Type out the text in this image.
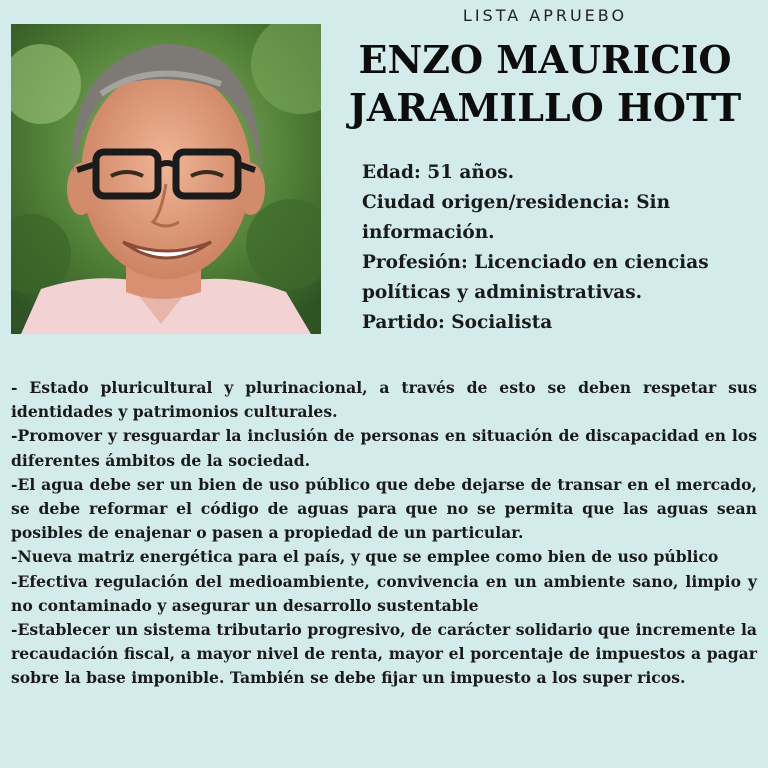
LISTA APRUEBO
ENZO MAURICIO
JARAMILLO HOTT
Edad: 51 años.
Ciudad origen/residencia: Sin información.
Profesión: Licenciado en ciencias políticas y administrativas.
Partido: Socialista

- Estado pluricultural y plurinacional, a través de esto se deben respetar sus identidades y patrimonios culturales.

-Promover y resguardar la inclusión de personas en situación de discapacidad en los diferentes ámbitos de la sociedad.

-El agua debe ser un bien de uso público que debe dejarse de transar en el mercado, se debe reformar el código de aguas para que no se permita que las aguas sean posibles de enajenar o pasen a propiedad de un particular.

-Nueva matriz energética para el país, y que se emplee como bien de uso público

-Efectiva regulación del medioambiente, convivencia en un ambiente sano, limpio y no contaminado y asegurar un desarrollo sustentable

-Establecer un sistema tributario progresivo, de carácter solidario que incremente la recaudación fiscal, a mayor nivel de renta, mayor el porcentaje de impuestos a pagar sobre la base imponible. También se debe fijar un impuesto a los super ricos.
